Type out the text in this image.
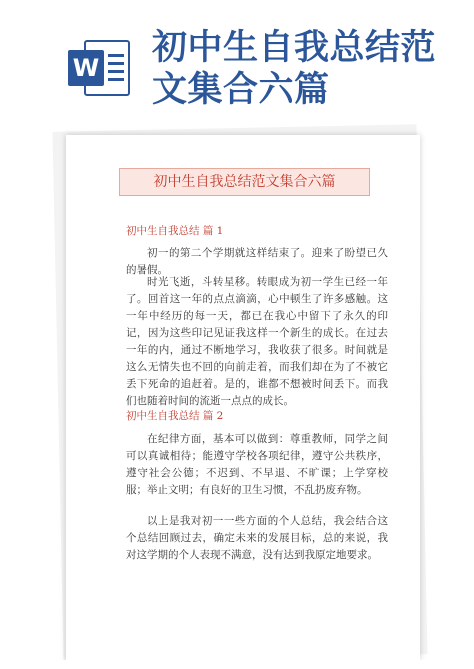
W 初中生自我总结范
文集合六篇
初中生自我总结范文集合六篇
初中生自我总结 篇 1
初一的第二个学期就这样结束了。迎来了盼望已久的暑假。
时光飞逝，斗转星移。转眼成为初一学生已经一年了。回首这一年的点点滴滴，心中顿生了许多感触。这一年中经历的每一天，都已在我心中留下了永久的印记，因为这些印记见证我这样一个新生的成长。在过去一年的内，通过不断地学习，我收获了很多。时间就是这么无情失也不回的向前走着，而我们却在为了不被它丢下死命的追赶着。是的，谁都不想被时间丢下。而我们也随着时间的流逝一点点的成长。
初中生自我总结 篇 2
在纪律方面，基本可以做到：尊重教师，同学之间可以真诚相待；能遵守学校各项纪律，遵守公共秩序，遵守社会公德；不迟到、不早退、不旷课；上学穿校服；举止文明；有良好的卫生习惯，不乱扔废弃物。
以上是我对初一一些方面的个人总结，我会结合这个总结回顾过去，确定未来的发展目标，总的来说，我对这学期的个人表现不满意，没有达到我原定地要求。
